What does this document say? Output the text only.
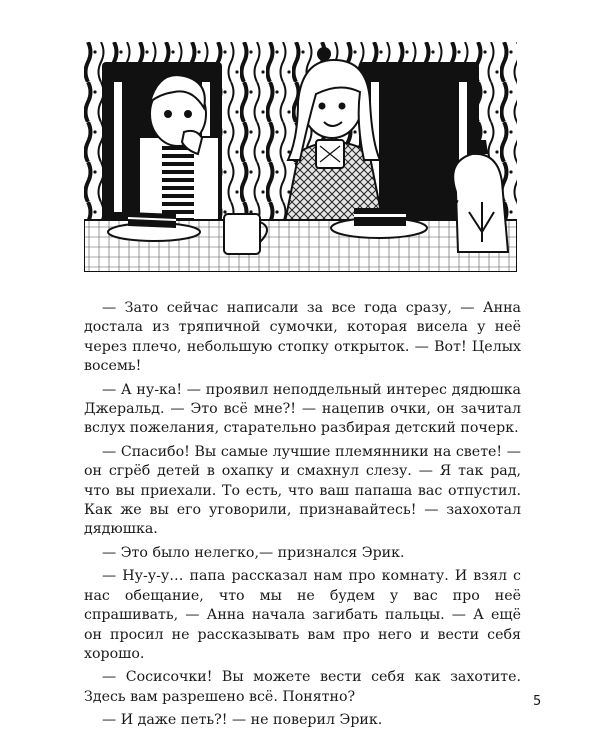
— Зато сейчас написали за все года сразу, — Анна достала из тряпичной сумочки, которая висела у неё через плечо, небольшую стопку открыток. — Вот! Целых восемь!

— А ну-ка! — проявил неподдельный интерес дядюшка Джеральд. — Это всё мне?! — нацепив очки, он зачитал вслух пожелания, старательно разбирая детский почерк.

— Спасибо! Вы самые лучшие племянники на свете! — он сгрёб детей в охапку и смахнул слезу. — Я так рад, что вы приехали. То есть, что ваш папаша вас отпустил. Как же вы его уговорили, признавайтесь! — захохотал дядюшка.

— Это было нелегко,— признался Эрик.

— Ну-у-у… папа рассказал нам про комнату. И взял с нас обещание, что мы не будем у вас про неё спрашивать, — Анна начала загибать пальцы. — А ещё он просил не рассказывать вам про него и вести себя хорошо.

— Сосисочки! Вы можете вести себя как захотите. Здесь вам разрешено всё. Понятно?

— И даже петь?! — не поверил Эрик.

5
